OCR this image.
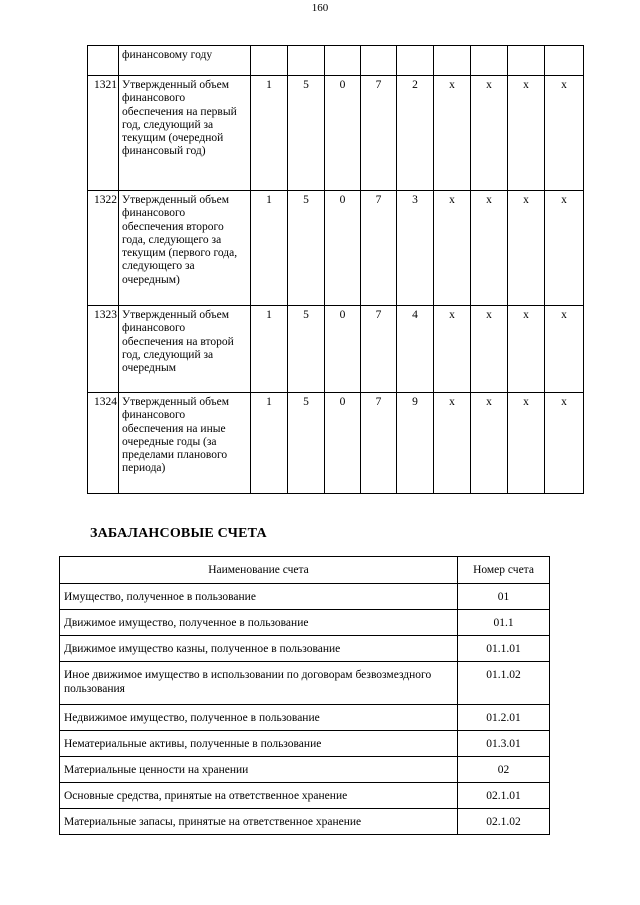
160
	финансовому году									
1321	Утвержденный объем финансового обеспечения на первый год, следующий за текущим (очередной финансовый год)	1	5	0	7	2	x	x	x	x
1322	Утвержденный объем финансового обеспечения второго года, следующего за текущим (первого года, следующего за очередным)	1	5	0	7	3	x	x	x	x
1323	Утвержденный объем финансового обеспечения на второй год, следующий за очередным	1	5	0	7	4	x	x	x	x
1324	Утвержденный объем финансового обеспечения на иные очередные годы (за пределами планового периода)	1	5	0	7	9	x	x	x	x
ЗАБАЛАНСОВЫЕ СЧЕТА
Наименование счета	Номер счета
Имущество, полученное в пользование	01
Движимое имущество, полученное в пользование	01.1
Движимое имущество казны, полученное в пользование	01.1.01
Иное движимое имущество в использовании по договорам безвозмездного пользования	01.1.02
Недвижимое имущество, полученное в пользование	01.2.01
Нематериальные активы, полученные в пользование	01.3.01
Материальные ценности на хранении	02
Основные средства, принятые на ответственное хранение	02.1.01
Материальные запасы, принятые на ответственное хранение	02.1.02
